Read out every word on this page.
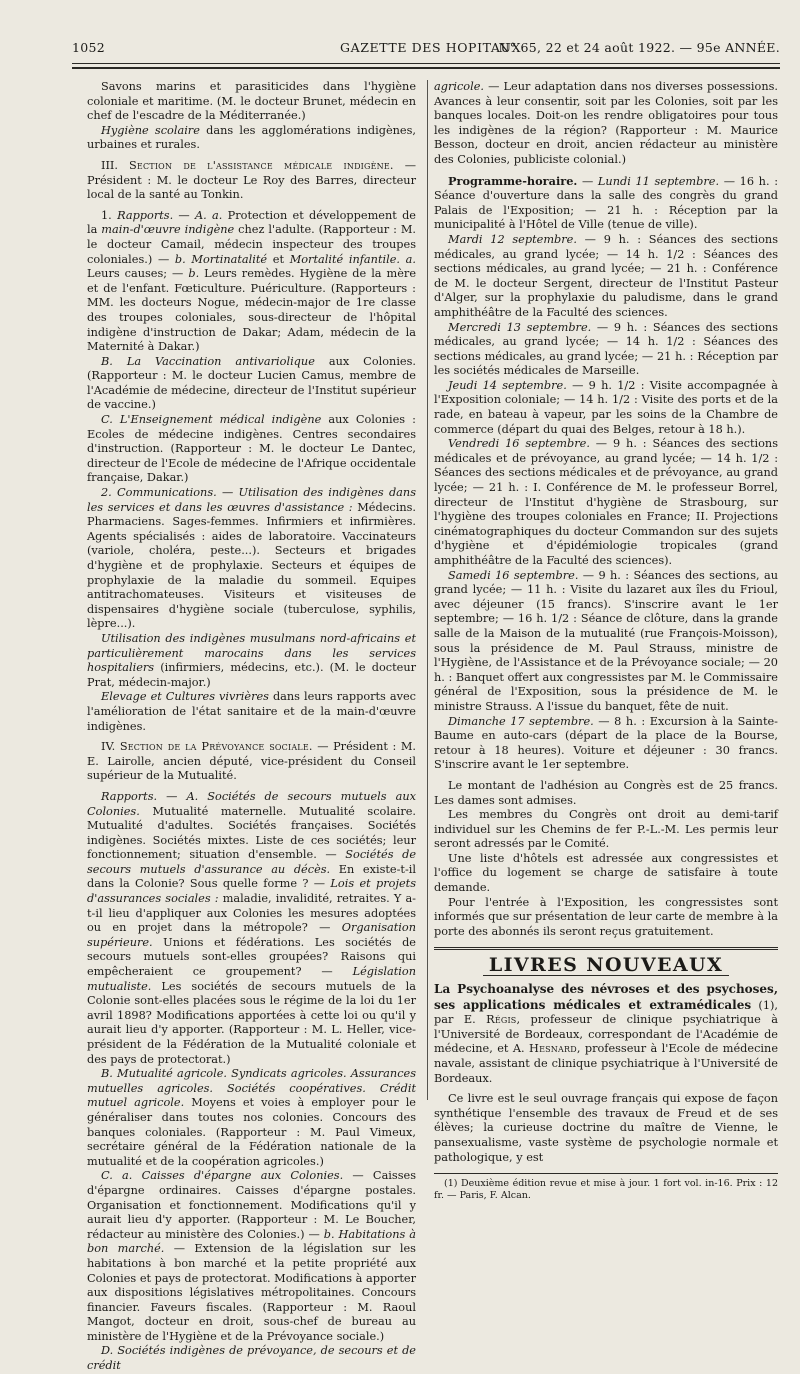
1052	GAZETTE DES HOPITAUX
N° 65, 22 et 24 août 1922. — 95e ANNÉE.

Savons marins et parasiticides dans l'hygiène coloniale et maritime. (M. le docteur Brunet, médecin en chef de l'escadre de la Méditerranée.)

Hygiène scolaire dans les agglomérations indigènes, urbaines et rurales.

III. Section de l'assistance médicale indigène. — Président : M. le docteur Le Roy des Barres, directeur local de la santé au Tonkin.

1. Rapports. — A. a. Protection et développement de la main-d'œuvre indigène chez l'adulte. (Rapporteur : M. le docteur Camail, médecin inspecteur des troupes coloniales.) — b. Mortinatalité et Mortalité infantile. a. Leurs causes; — b. Leurs remèdes. Hygiène de la mère et de l'enfant. Fœticulture. Puériculture. (Rapporteurs : MM. les docteurs Nogue, médecin-major de 1re classe des troupes coloniales, sous-directeur de l'hôpital indigène d'instruction de Dakar; Adam, médecin de la Maternité à Dakar.)

B. La Vaccination antivariolique aux Colonies. (Rapporteur : M. le docteur Lucien Camus, membre de l'Académie de médecine, directeur de l'Institut supérieur de vaccine.)

C. L'Enseignement médical indigène aux Colonies : Ecoles de médecine indigènes. Centres secondaires d'instruction. (Rapporteur : M. le docteur Le Dantec, directeur de l'Ecole de médecine de l'Afrique occidentale française, Dakar.)

2. Communications. — Utilisation des indigènes dans les services et dans les œuvres d'assistance : Médecins. Pharmaciens. Sages-femmes. Infirmiers et infirmières. Agents spécialisés : aides de laboratoire. Vaccinateurs (variole, choléra, peste...). Secteurs et brigades d'hygiène et de prophylaxie. Secteurs et équipes de prophylaxie de la maladie du sommeil. Equipes antitrachomateuses. Visiteurs et visiteuses de dispensaires d'hygiène sociale (tuberculose, syphilis, lèpre...).

Utilisation des indigènes musulmans nord-africains et particulièrement marocains dans les services hospitaliers (infirmiers, médecins, etc.). (M. le docteur Prat, médecin-major.)

Elevage et Cultures vivrières dans leurs rapports avec l'amélioration de l'état sanitaire et de la main-d'œuvre indigènes.

IV. Section de la Prévoyance sociale. — Président : M. E. Lairolle, ancien député, vice-président du Conseil supérieur de la Mutualité.

Rapports. — A. Sociétés de secours mutuels aux Colonies. Mutualité maternelle. Mutualité scolaire. Mutualité d'adultes. Sociétés françaises. Sociétés indigènes. Sociétés mixtes. Liste de ces sociétés; leur fonctionnement; situation d'ensemble. — Sociétés de secours mutuels d'assurance au décès. En existe-t-il dans la Colonie? Sous quelle forme ? — Lois et projets d'assurances sociales : maladie, invalidité, retraites. Y a-t-il lieu d'appliquer aux Colonies les mesures adoptées ou en projet dans la métropole? — Organisation supérieure. Unions et fédérations. Les sociétés de secours mutuels sont-elles groupées? Raisons qui empêcheraient ce groupement? — Législation mutualiste. Les sociétés de secours mutuels de la Colonie sont-elles placées sous le régime de la loi du 1er avril 1898? Modifications apportées à cette loi ou qu'il y aurait lieu d'y apporter. (Rapporteur : M. L. Heller, vice-président de la Fédération de la Mutualité coloniale et des pays de protectorat.)

B. Mutualité agricole. Syndicats agricoles. Assurances mutuelles agricoles. Sociétés coopératives. Crédit mutuel agricole. Moyens et voies à employer pour le généraliser dans toutes nos colonies. Concours des banques coloniales. (Rapporteur : M. Paul Vimeux, secrétaire général de la Fédération nationale de la mutualité et de la coopération agricoles.)

C. a. Caisses d'épargne aux Colonies. — Caisses d'épargne ordinaires. Caisses d'épargne postales. Organisation et fonctionnement. Modifications qu'il y aurait lieu d'y apporter. (Rapporteur : M. Le Boucher, rédacteur au ministère des Colonies.) — b. Habitations à bon marché. — Extension de la législation sur les habitations à bon marché et la petite propriété aux Colonies et pays de protectorat. Modifications à apporter aux dispositions législatives métropolitaines. Concours financier. Faveurs fiscales. (Rapporteur : M. Raoul Mangot, docteur en droit, sous-chef de bureau au ministère de l'Hygiène et de la Prévoyance sociale.)

D. Sociétés indigènes de prévoyance, de secours et de crédit

agricole. — Leur adaptation dans nos diverses possessions. Avances à leur consentir, soit par les Colonies, soit par les banques locales. Doit-on les rendre obligatoires pour tous les indigènes de la région? (Rapporteur : M. Maurice Besson, docteur en droit, ancien rédacteur au ministère des Colonies, publiciste colonial.)

Programme-horaire. — Lundi 11 septembre. — 16 h. : Séance d'ouverture dans la salle des congrès du grand Palais de l'Exposition; — 21 h. : Réception par la municipalité à l'Hôtel de Ville (tenue de ville).

Mardi 12 septembre. — 9 h. : Séances des sections médicales, au grand lycée; — 14 h. 1/2 : Séances des sections médicales, au grand lycée; — 21 h. : Conférence de M. le docteur Sergent, directeur de l'Institut Pasteur d'Alger, sur la prophylaxie du paludisme, dans le grand amphithéâtre de la Faculté des sciences.

Mercredi 13 septembre. — 9 h. : Séances des sections médicales, au grand lycée; — 14 h. 1/2 : Séances des sections médicales, au grand lycée; — 21 h. : Réception par les sociétés médicales de Marseille.

Jeudi 14 septembre. — 9 h. 1/2 : Visite accompagnée à l'Exposition coloniale; — 14 h. 1/2 : Visite des ports et de la rade, en bateau à vapeur, par les soins de la Chambre de commerce (départ du quai des Belges, retour à 18 h.).

Vendredi 16 septembre. — 9 h. : Séances des sections médicales et de prévoyance, au grand lycée; — 14 h. 1/2 : Séances des sections médicales et de prévoyance, au grand lycée; — 21 h. : I. Conférence de M. le professeur Borrel, directeur de l'Institut d'hygiène de Strasbourg, sur l'hygiène des troupes coloniales en France; II. Projections cinématographiques du docteur Commandon sur des sujets d'hygiène et d'épidémiologie tropicales (grand amphithéâtre de la Faculté des sciences).

Samedi 16 septembre. — 9 h. : Séances des sections, au grand lycée; — 11 h. : Visite du lazaret aux îles du Frioul, avec déjeuner (15 francs). S'inscrire avant le 1er septembre; — 16 h. 1/2 : Séance de clôture, dans la grande salle de la Maison de la mutualité (rue François-Moisson), sous la présidence de M. Paul Strauss, ministre de l'Hygiène, de l'Assistance et de la Prévoyance sociale; — 20 h. : Banquet offert aux congressistes par M. le Commissaire général de l'Exposition, sous la présidence de M. le ministre Strauss. A l'issue du banquet, fête de nuit.

Dimanche 17 septembre. — 8 h. : Excursion à la Sainte-Baume en auto-cars (départ de la place de la Bourse, retour à 18 heures). Voiture et déjeuner : 30 francs. S'inscrire avant le 1er septembre.

Le montant de l'adhésion au Congrès est de 25 francs. Les dames sont admises.

Les membres du Congrès ont droit au demi-tarif individuel sur les Chemins de fer P.-L.-M. Les permis leur seront adressés par le Comité.

Une liste d'hôtels est adressée aux congressistes et l'office du logement se charge de satisfaire à toute demande.

Pour l'entrée à l'Exposition, les congressistes sont informés que sur présentation de leur carte de membre à la porte des abonnés ils seront reçus gratuitement.

LIVRES NOUVEAUX

La Psychoanalyse des névroses et des psychoses, ses applications médicales et extramédicales (1), par E. Régis, professeur de clinique psychiatrique à l'Université de Bordeaux, correspondant de l'Académie de médecine, et A. Hesnard, professeur à l'Ecole de médecine navale, assistant de clinique psychiatrique à l'Université de Bordeaux.

Ce livre est le seul ouvrage français qui expose de façon synthétique l'ensemble des travaux de Freud et de ses élèves; la curieuse doctrine du maître de Vienne, le pansexualisme, vaste système de psychologie normale et pathologique, y est

(1) Deuxième édition revue et mise à jour. 1 fort vol. in-16. Prix : 12 fr. — Paris, F. Alcan.
